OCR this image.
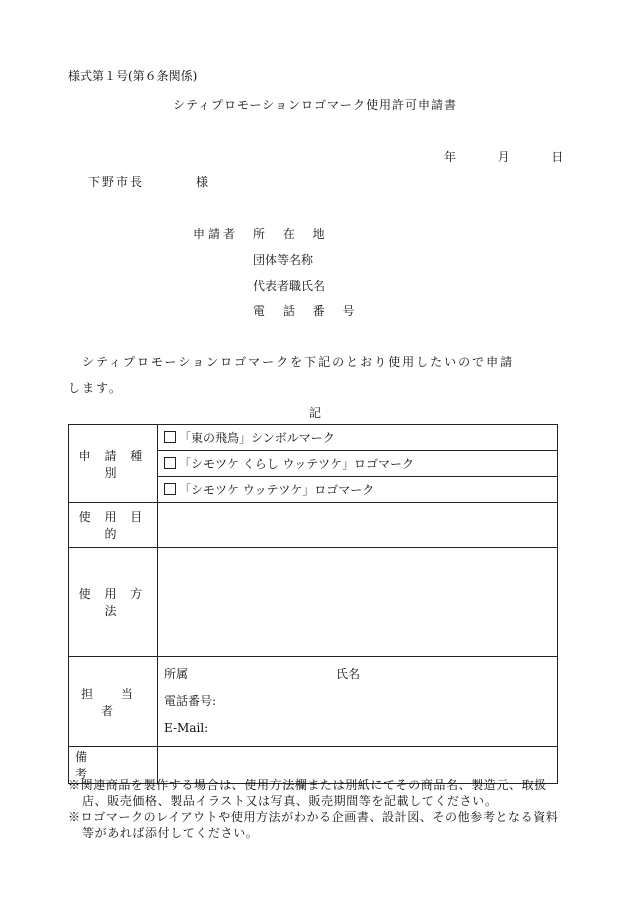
様式第１号(第６条関係)
シティプロモーションロゴマーク使用許可申請書
年	月	日
下野市長	様
申請者 所 在 地
団体等名称
代表者職氏名
電 話 番 号
シティプロモーションロゴマークを下記のとおり使用したいので申請
します。
記
申 請 種 別	「東の飛鳥」シンボルマーク
	「シモツケ くらし ウッテツケ」ロゴマーク
	「シモツケ ウッテツケ」ロゴマーク
使 用 目 的	
使 用 方 法	
担 当 者	所属 氏名
電話番号:
E-Mail:

備 考	

※関連商品を製作する場合は、使用方法欄または別紙にてその商品名、製造元、取扱店、販売価格、製品イラスト又は写真、販売期間等を記載してください。

※ロゴマークのレイアウトや使用方法がわかる企画書、設計図、その他参考となる資料等があれば添付してください。
